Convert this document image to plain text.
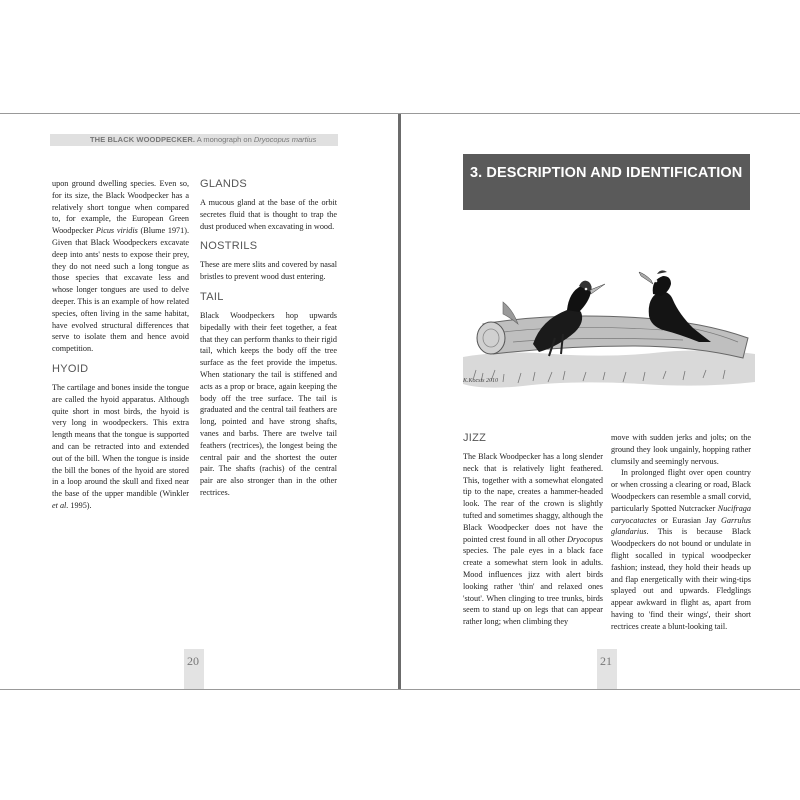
THE BLACK WOODPECKER. A monograph on Dryocopus martius

upon ground dwelling species. Even so, for its size, the Black Woodpecker has a relatively short tongue when compared to, for example, the European Green Woodpecker Picus viridis (Blume 1971). Given that Black Woodpeckers excavate deep into ants' nests to expose their prey, they do not need such a long tongue as those species that excavate less and whose longer tongues are used to delve deeper. This is an example of how related species, often living in the same habitat, have evolved structural differences that serve to isolate them and hence avoid competition.

HYOID

The cartilage and bones inside the tongue are called the hyoid apparatus. Although quite short in most birds, the hyoid is very long in woodpeckers. This extra length means that the tongue is supported and can be retracted into and extended out of the bill. When the tongue is inside the bill the bones of the hyoid are stored in a loop around the skull and fixed near the base of the upper mandible (Winkler et al. 1995).

GLANDS

A mucous gland at the base of the orbit secretes fluid that is thought to trap the dust produced when excavating in wood.

NOSTRILS

These are mere slits and covered by nasal bristles to prevent wood dust entering.

TAIL

Black Woodpeckers hop upwards bipedally with their feet together, a feat that they can perform thanks to their rigid tail, which keeps the body off the tree surface as the feet provide the impetus. When stationary the tail is stiffened and acts as a prop or brace, again keeping the body off the tree surface. The tail is graduated and the central tail feathers are long, pointed and have strong shafts, vanes and barbs. There are twelve tail feathers (rectrices), the longest being the central pair and the shortest the outer pair. The shafts (rachis) of the central pair are also stronger than in the other rectrices.

20
3. DESCRIPTION AND IDENTIFICATION
K.Kocsis 2010
JIZZ

The Black Woodpecker has a long slender neck that is relatively light feathered. This, together with a somewhat elongated tip to the nape, creates a hammer-headed look. The rear of the crown is slightly tufted and sometimes shaggy, although the Black Woodpecker does not have the pointed crest found in all other Dryocopus species. The pale eyes in a black face create a somewhat stern look in adults. Mood influences jizz with alert birds looking rather 'thin' and relaxed ones 'stout'. When clinging to tree trunks, birds seem to stand up on legs that can appear rather long; when climbing they

move with sudden jerks and jolts; on the ground they look ungainly, hopping rather clumsily and seemingly nervous.

In prolonged flight over open country or when crossing a clearing or road, Black Woodpeckers can resemble a small corvid, particularly Spotted Nutcracker Nucifraga caryocatactes or Eurasian Jay Garrulus glandarius. This is because Black Woodpeckers do not bound or undulate in flight socalled in typical woodpecker fashion; instead, they hold their heads up and flap energetically with their wing-tips splayed out and upwards. Fledglings appear awkward in flight as, apart from having to 'find their wings', their short rectrices create a blunt-looking tail.

21
